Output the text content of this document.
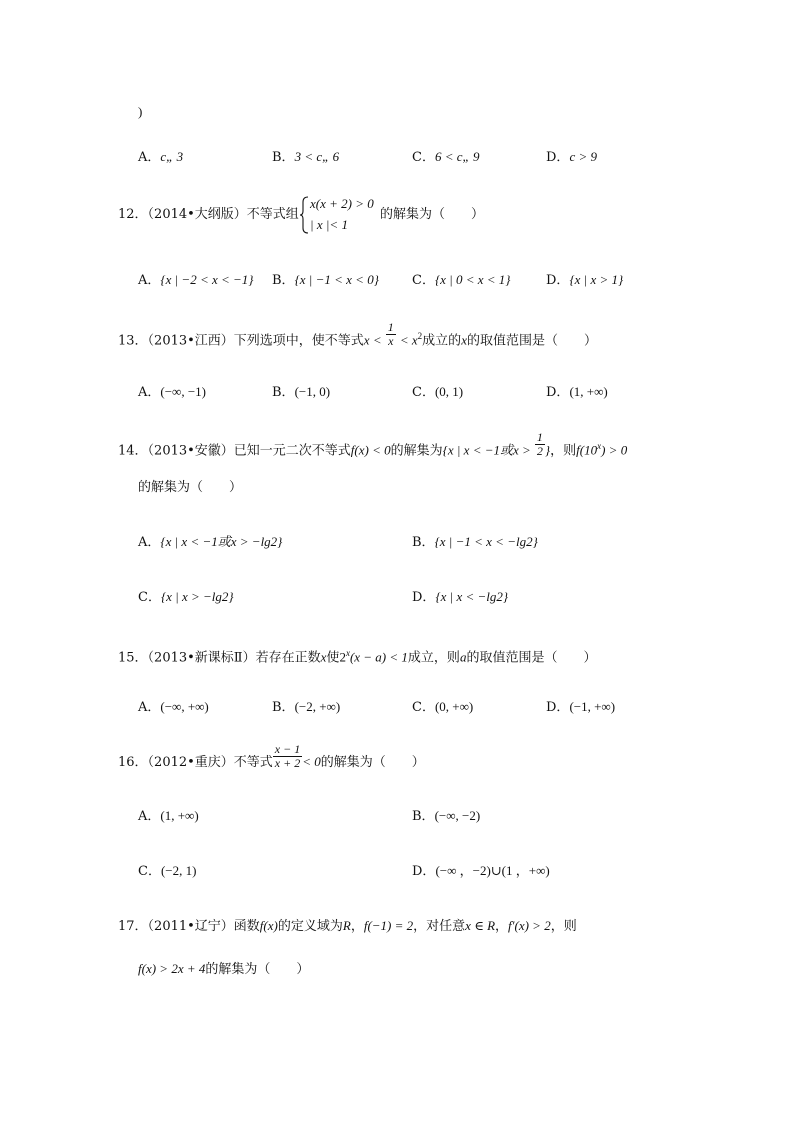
)
A．c„ 3	B．3 < c„ 6	C．6 < c„ 9	D．c > 9
12．（2014•大纲版）不等式组
x(x + 2) > 0
| x |< 1
的解集为（　　）
A．{x | −2 < x < −1} B．{x | −1 < x < 0}	C．{x | 0 < x < 1}	D．{x | x > 1}
13．（2013•江西）下列选项中，使不等式$x < \frac{1}{x} < x^2$成立的x的取值范围是（　　）
A．(−∞, −1)	B．(−1, 0)	C．(0, 1)	D．(1, +∞)
14．（2013•安徽）已知一元二次不等式f(x) < 0的解集为{x | x < −1或$x > \frac{1}{2}$ }，则$f(10^x) > 0$
的解集为（　　）
A．{x | x < −1或x > −lg2}	B．{x | −1 < x < −lg2}
C．{x | x > −lg2}	D．{x | x < −lg2}
15．（2013•新课标Ⅱ）若存在正数x使$2^x(x - a) < 1$成立，则a的取值范围是（　　）
A．(−∞, +∞)	B．(−2, +∞)	C．(0, +∞)	D．(−1, +∞)
16．（2012•重庆）不等式 $\frac{x - 1}{x + 2} < 0$的解集为（　　）
A．(1, +∞)	B．(−∞, −2)
C．(−2, 1)	D．(−∞ ，−2)∪(1 ，+∞)
17．（2011•辽宁）函数f(x)的定义域为R，f(−1) = 2，对任意x ∈ R，f′(x) > 2，则
f(x) > 2x + 4的解集为（　　）
